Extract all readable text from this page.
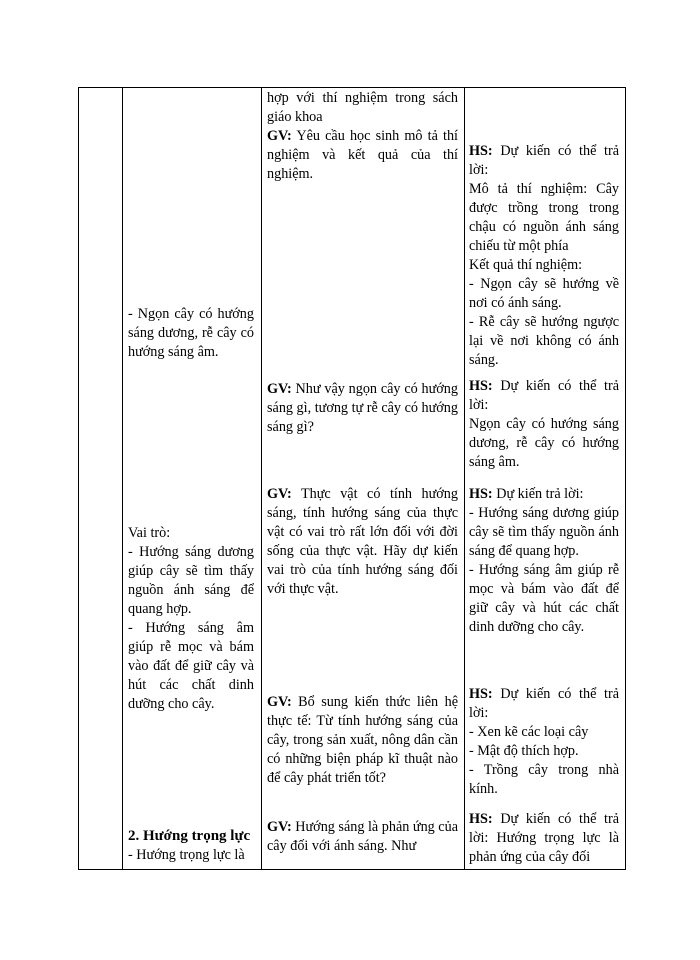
- Ngọn cây có hướng sáng dương, rễ cây có hướng sáng âm.

Vai trò:

- Hướng sáng dương giúp cây sẽ tìm thấy nguồn ánh sáng để quang hợp.

- Hướng sáng âm giúp rễ mọc và bám vào đất để giữ cây và hút các chất dinh dưỡng cho cây.

2. Hướng trọng lực

- Hướng trọng lực là

hợp với thí nghiệm trong sách giáo khoa

GV: Yêu cầu học sinh mô tả thí nghiệm và kết quả của thí nghiệm.

GV: Như vậy ngọn cây có hướng sáng gì, tương tự rễ cây có hướng sáng gì?

GV: Thực vật có tính hướng sáng, tính hướng sáng của thực vật có vai trò rất lớn đối với đời sống của thực vật. Hãy dự kiến vai trò của tính hướng sáng đối với thực vật.

GV: Bổ sung kiến thức liên hệ thực tế: Từ tính hướng sáng của cây, trong sản xuất, nông dân cần có những biện pháp kĩ thuật nào để cây phát triển tốt?

GV: Hướng sáng là phản ứng của cây đối với ánh sáng. Như

HS: Dự kiến có thể trả lời:

Mô tả thí nghiệm: Cây được trồng trong trong chậu có nguồn ánh sáng chiếu từ một phía

Kết quả thí nghiệm:

- Ngọn cây sẽ hướng về nơi có ánh sáng.

- Rễ cây sẽ hướng ngược lại về nơi không có ánh sáng.

HS: Dự kiến có thể trả lời:

Ngọn cây có hướng sáng dương, rễ cây có hướng sáng âm.

HS: Dự kiến trả lời:

- Hướng sáng dương giúp cây sẽ tìm thấy nguồn ánh sáng để quang hợp.

- Hướng sáng âm giúp rễ mọc và bám vào đất để giữ cây và hút các chất dinh dưỡng cho cây.

HS: Dự kiến có thể trả lời:

- Xen kẽ các loại cây

- Mật độ thích hợp.

- Trồng cây trong nhà kính.

HS: Dự kiến có thể trả lời: Hướng trọng lực là phản ứng của cây đối
